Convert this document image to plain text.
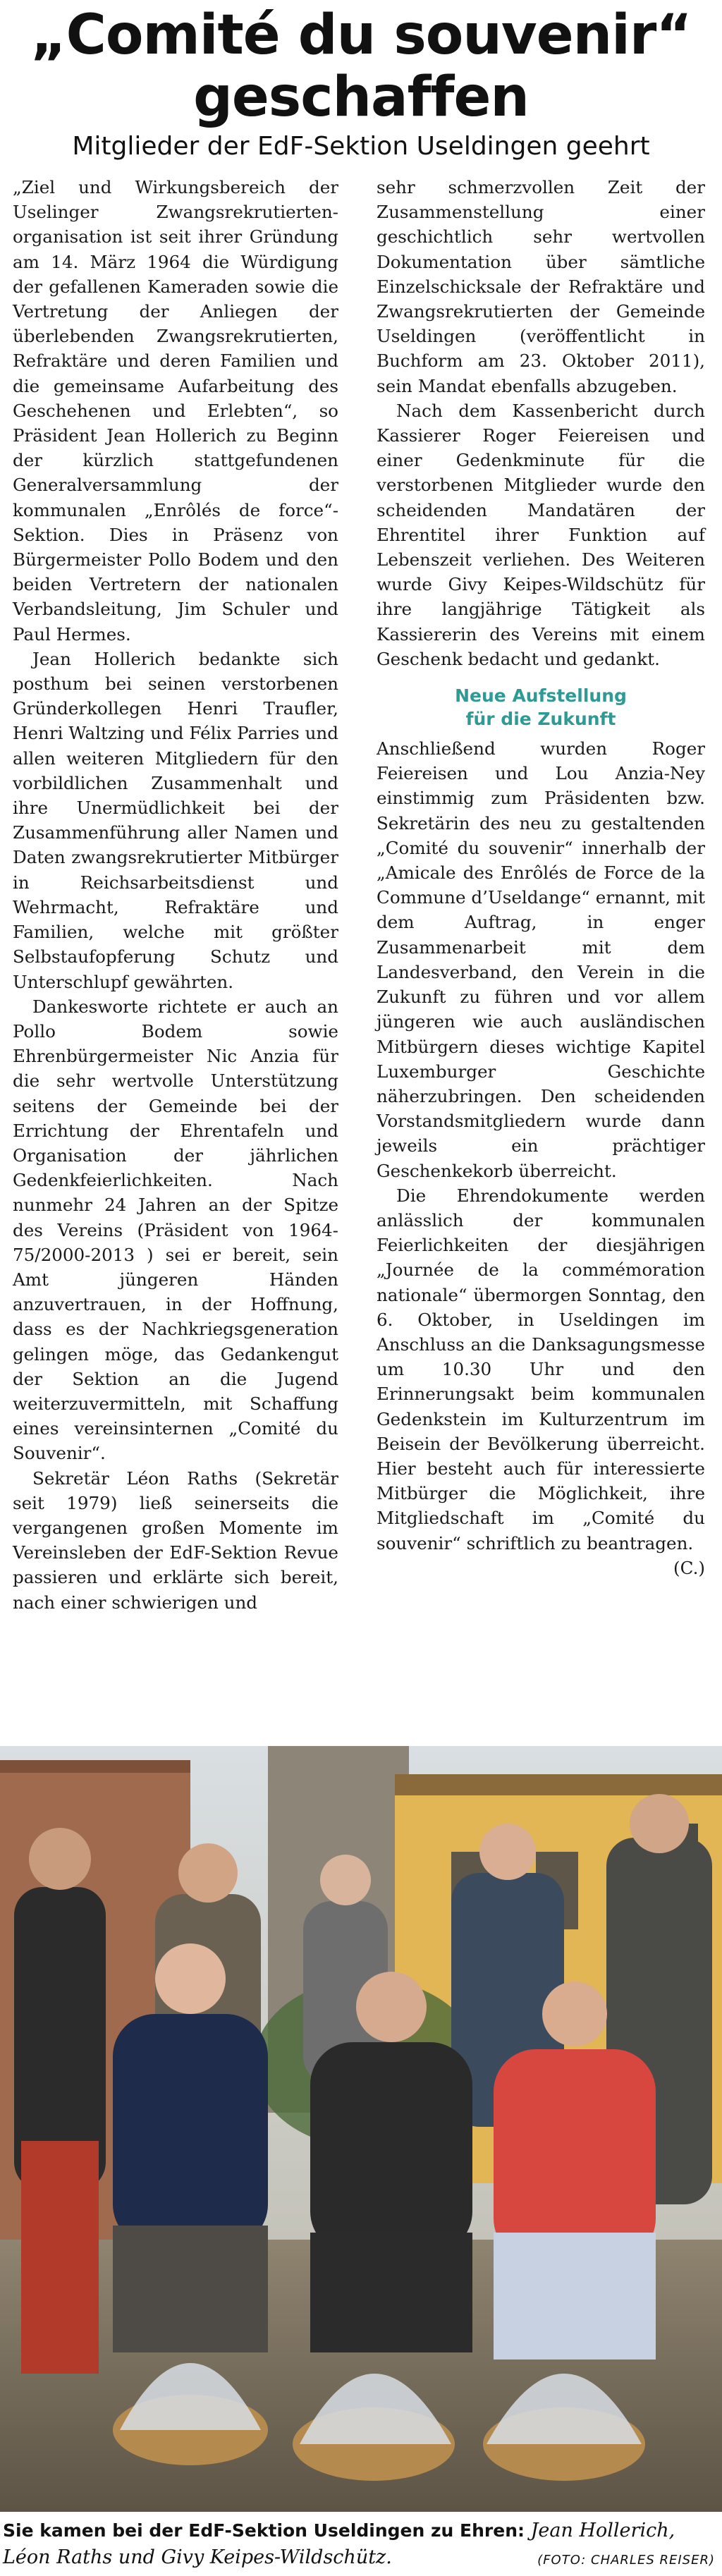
„Comité du souvenir“
geschaffen
Mitglieder der EdF-Sektion Useldingen geehrt

„Ziel und Wirkungsbereich der Uselinger Zwangsrekrutierten-organisation ist seit ihrer Gründung am 14. März 1964 die Würdigung der gefallenen Kameraden sowie die Vertretung der Anliegen der überlebenden Zwangsrekrutierten, Refraktäre und deren Familien und die gemeinsame Aufarbeitung des Geschehenen und Erlebten“, so Präsident Jean Hollerich zu Beginn der kürzlich stattgefundenen Generalversammlung der kommunalen „Enrôlés de force“-Sektion. Dies in Präsenz von Bürgermeister Pollo Bodem und den beiden Vertretern der nationalen Verbandsleitung, Jim Schuler und Paul Hermes.

Jean Hollerich bedankte sich posthum bei seinen verstorbenen Gründerkollegen Henri Traufler, Henri Waltzing und Félix Parries und allen weiteren Mitgliedern für den vorbildlichen Zusammenhalt und ihre Unermüdlichkeit bei der Zusammenführung aller Namen und Daten zwangsrekrutierter Mitbürger in Reichsarbeitsdienst und Wehrmacht, Refraktäre und Familien, welche mit größter Selbstaufopferung Schutz und Unterschlupf gewährten.

Dankesworte richtete er auch an Pollo Bodem sowie Ehrenbürgermeister Nic Anzia für die sehr wertvolle Unterstützung seitens der Gemeinde bei der Errichtung der Ehrentafeln und Organisation der jährlichen Gedenkfeierlichkeiten. Nach nunmehr 24 Jahren an der Spitze des Vereins (Präsident von 1964-75/2000-2013 ) sei er bereit, sein Amt jüngeren Händen anzuvertrauen, in der Hoffnung, dass es der Nachkriegsgeneration gelingen möge, das Gedankengut der Sektion an die Jugend weiterzuvermitteln, mit Schaffung eines vereinsinternen „Comité du Souvenir“.

Sekretär Léon Raths (Sekretär seit 1979) ließ seinerseits die vergangenen großen Momente im Vereinsleben der EdF-Sektion Revue passieren und erklärte sich bereit, nach einer schwierigen und

sehr schmerzvollen Zeit der Zusammenstellung einer geschichtlich sehr wertvollen Dokumentation über sämtliche Einzelschicksale der Refraktäre und Zwangsrekrutierten der Gemeinde Useldingen (veröffentlicht in Buchform am 23. Oktober 2011), sein Mandat ebenfalls abzugeben.

Nach dem Kassenbericht durch Kassierer Roger Feiereisen und einer Gedenkminute für die verstorbenen Mitglieder wurde den scheidenden Mandatären der Ehrentitel ihrer Funktion auf Lebenszeit verliehen. Des Weiteren wurde Givy Keipes-Wildschütz für ihre langjährige Tätigkeit als Kassiererin des Vereins mit einem Geschenk bedacht und gedankt.

Neue Aufstellung
für die Zukunft

Anschließend wurden Roger Feiereisen und Lou Anzia-Ney einstimmig zum Präsidenten bzw. Sekretärin des neu zu gestaltenden „Comité du souvenir“ innerhalb der „Amicale des Enrôlés de Force de la Commune d’Useldange“ ernannt, mit dem Auftrag, in enger Zusammenarbeit mit dem Landesverband, den Verein in die Zukunft zu führen und vor allem jüngeren wie auch ausländischen Mitbürgern dieses wichtige Kapitel Luxemburger Geschichte näherzubringen. Den scheidenden Vorstandsmitgliedern wurde dann jeweils ein prächtiger Geschenkekorb überreicht.

Die Ehrendokumente werden anlässlich der kommunalen Feierlichkeiten der diesjährigen „Journée de la commémoration nationale“ übermorgen Sonntag, den 6. Oktober, in Useldingen im Anschluss an die Danksagungsmesse um 10.30 Uhr und den Erinnerungsakt beim kommunalen Gedenkstein im Kulturzentrum im Beisein der Bevölkerung überreicht. Hier besteht auch für interessierte Mitbürger die Möglichkeit, ihre Mitgliedschaft im „Comité du souvenir“ schriftlich zu beantragen.
(C.)

Sie kamen bei der EdF-Sektion Useldingen zu Ehren: Jean Hollerich, Léon Raths und Givy Keipes-Wildschütz.	(FOTO: CHARLES REISER)
